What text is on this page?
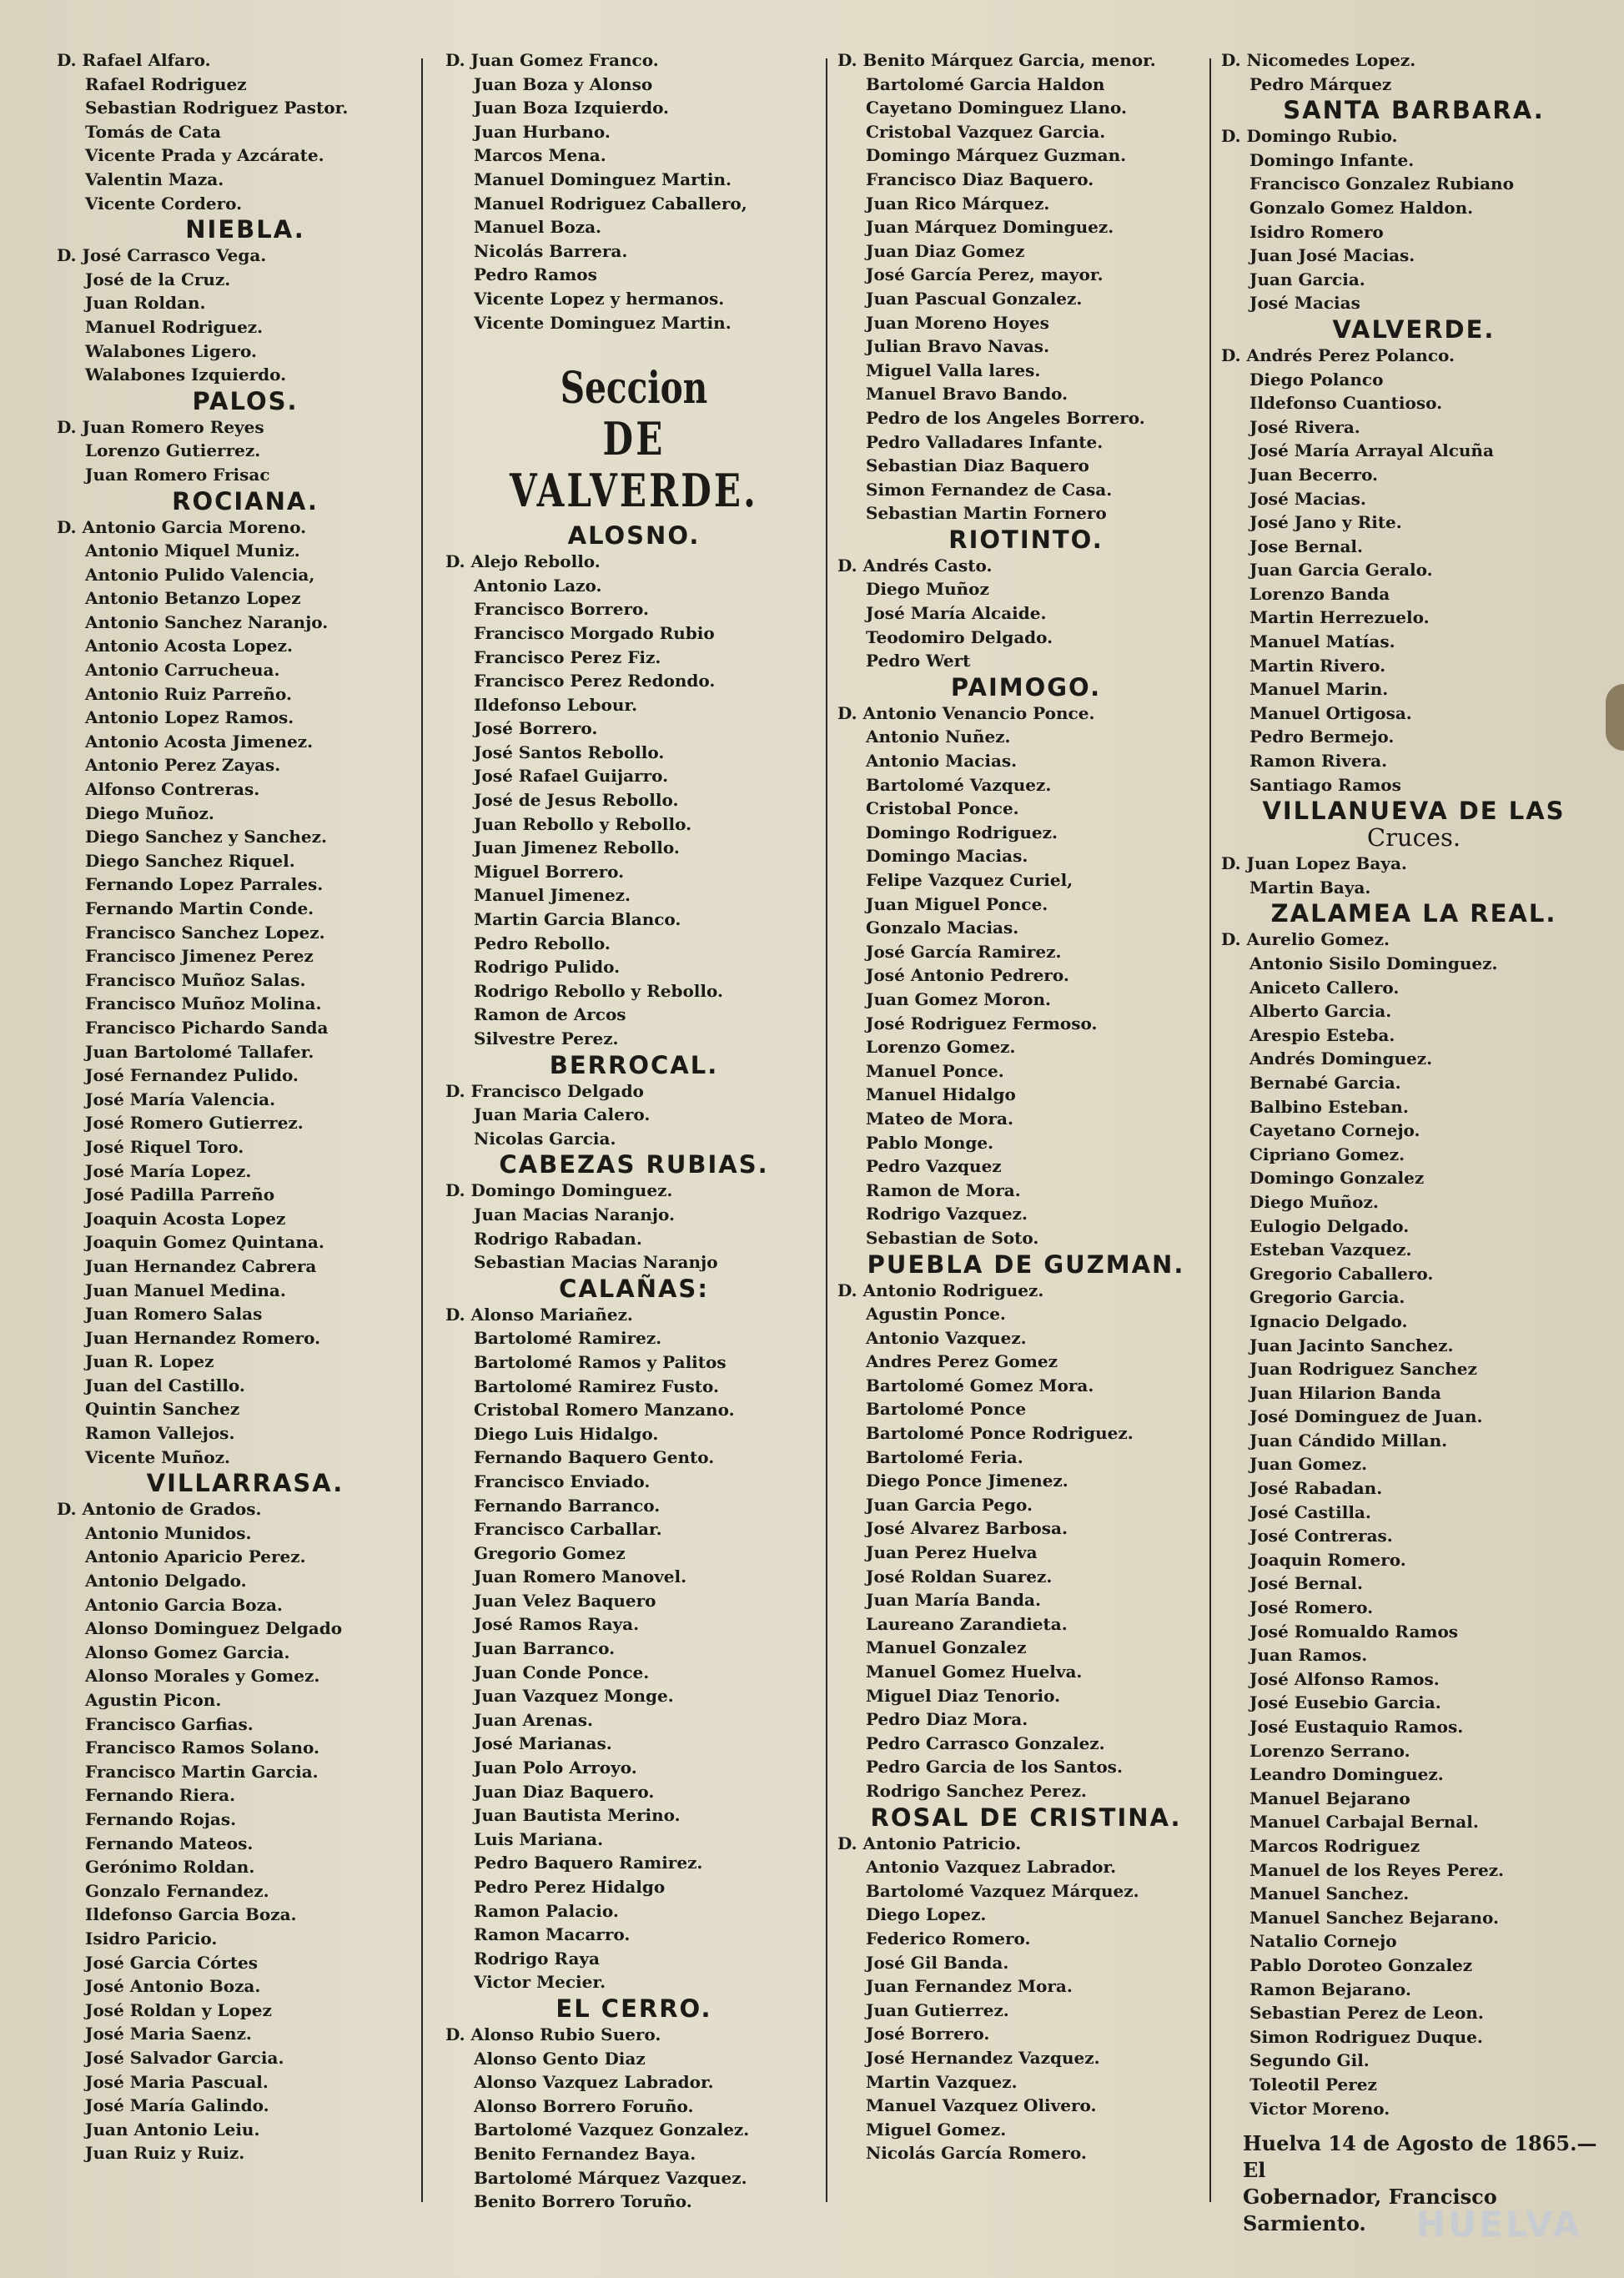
D. Rafael Alfaro.
Rafael Rodriguez
Sebastian Rodriguez Pastor.
Tomás de Cata
Vicente Prada y Azcárate.
Valentin Maza.
Vicente Cordero.
NIEBLA.
D. José Carrasco Vega.
José de la Cruz.
Juan Roldan.
Manuel Rodriguez.
Walabones Ligero.
Walabones Izquierdo.
PALOS.
D. Juan Romero Reyes
Lorenzo Gutierrez.
Juan Romero Frisac
ROCIANA.
D. Antonio Garcia Moreno.
Antonio Miquel Muniz.
Antonio Pulido Valencia,
Antonio Betanzo Lopez
Antonio Sanchez Naranjo.
Antonio Acosta Lopez.
Antonio Carrucheua.
Antonio Ruiz Parreño.
Antonio Lopez Ramos.
Antonio Acosta Jimenez.
Antonio Perez Zayas.
Alfonso Contreras.
Diego Muñoz.
Diego Sanchez y Sanchez.
Diego Sanchez Riquel.
Fernando Lopez Parrales.
Fernando Martin Conde.
Francisco Sanchez Lopez.
Francisco Jimenez Perez
Francisco Muñoz Salas.
Francisco Muñoz Molina.
Francisco Pichardo Sanda
Juan Bartolomé Tallafer.
José Fernandez Pulido.
José María Valencia.
José Romero Gutierrez.
José Riquel Toro.
José María Lopez.
José Padilla Parreño
Joaquin Acosta Lopez
Joaquin Gomez Quintana.
Juan Hernandez Cabrera
Juan Manuel Medina.
Juan Romero Salas
Juan Hernandez Romero.
Juan R. Lopez
Juan del Castillo.
Quintin Sanchez
Ramon Vallejos.
Vicente Muñoz.
VILLARRASA.
D. Antonio de Grados.
Antonio Munidos.
Antonio Aparicio Perez.
Antonio Delgado.
Antonio Garcia Boza.
Alonso Dominguez Delgado
Alonso Gomez Garcia.
Alonso Morales y Gomez.
Agustin Picon.
Francisco Garfias.
Francisco Ramos Solano.
Francisco Martin Garcia.
Fernando Riera.
Fernando Rojas.
Fernando Mateos.
Gerónimo Roldan.
Gonzalo Fernandez.
Ildefonso Garcia Boza.
Isidro Paricio.
José Garcia Córtes
José Antonio Boza.
José Roldan y Lopez
José Maria Saenz.
José Salvador Garcia.
José Maria Pascual.
José María Galindo.
Juan Antonio Leiu.
Juan Ruiz y Ruiz.
D. Juan Gomez Franco.
Juan Boza y Alonso
Juan Boza Izquierdo.
Juan Hurbano.
Marcos Mena.
Manuel Dominguez Martin.
Manuel Rodriguez Caballero,
Manuel Boza.
Nicolás Barrera.
Pedro Ramos
Vicente Lopez y hermanos.
Vicente Dominguez Martin.
Seccion
DE VALVERDE.
ALOSNO.
D. Alejo Rebollo.
Antonio Lazo.
Francisco Borrero.
Francisco Morgado Rubio
Francisco Perez Fiz.
Francisco Perez Redondo.
Ildefonso Lebour.
José Borrero.
José Santos Rebollo.
José Rafael Guijarro.
José de Jesus Rebollo.
Juan Rebollo y Rebollo.
Juan Jimenez Rebollo.
Miguel Borrero.
Manuel Jimenez.
Martin Garcia Blanco.
Pedro Rebollo.
Rodrigo Pulido.
Rodrigo Rebollo y Rebollo.
Ramon de Arcos
Silvestre Perez.
BERROCAL.
D. Francisco Delgado
Juan Maria Calero.
Nicolas Garcia.
CABEZAS RUBIAS.
D. Domingo Dominguez.
Juan Macias Naranjo.
Rodrigo Rabadan.
Sebastian Macias Naranjo
CALAÑAS:
D. Alonso Mariañez.
Bartolomé Ramirez.
Bartolomé Ramos y Palitos
Bartolomé Ramirez Fusto.
Cristobal Romero Manzano.
Diego Luis Hidalgo.
Fernando Baquero Gento.
Francisco Enviado.
Fernando Barranco.
Francisco Carballar.
Gregorio Gomez
Juan Romero Manovel.
Juan Velez Baquero
José Ramos Raya.
Juan Barranco.
Juan Conde Ponce.
Juan Vazquez Monge.
Juan Arenas.
José Marianas.
Juan Polo Arroyo.
Juan Diaz Baquero.
Juan Bautista Merino.
Luis Mariana.
Pedro Baquero Ramirez.
Pedro Perez Hidalgo
Ramon Palacio.
Ramon Macarro.
Rodrigo Raya
Victor Mecier.
EL CERRO.
D. Alonso Rubio Suero.
Alonso Gento Diaz
Alonso Vazquez Labrador.
Alonso Borrero Foruño.
Bartolomé Vazquez Gonzalez.
Benito Fernandez Baya.
Bartolomé Márquez Vazquez.
Benito Borrero Toruño.
D. Benito Márquez Garcia, menor.
Bartolomé Garcia Haldon
Cayetano Dominguez Llano.
Cristobal Vazquez Garcia.
Domingo Márquez Guzman.
Francisco Diaz Baquero.
Juan Rico Márquez.
Juan Márquez Dominguez.
Juan Diaz Gomez
José García Perez, mayor.
Juan Pascual Gonzalez.
Juan Moreno Hoyes
Julian Bravo Navas.
Miguel Valla lares.
Manuel Bravo Bando.
Pedro de los Angeles Borrero.
Pedro Valladares Infante.
Sebastian Diaz Baquero
Simon Fernandez de Casa.
Sebastian Martin Fornero
RIOTINTO.
D. Andrés Casto.
Diego Muñoz
José María Alcaide.
Teodomiro Delgado.
Pedro Wert
PAIMOGO.
D. Antonio Venancio Ponce.
Antonio Nuñez.
Antonio Macias.
Bartolomé Vazquez.
Cristobal Ponce.
Domingo Rodriguez.
Domingo Macias.
Felipe Vazquez Curiel,
Juan Miguel Ponce.
Gonzalo Macias.
José García Ramirez.
José Antonio Pedrero.
Juan Gomez Moron.
José Rodriguez Fermoso.
Lorenzo Gomez.
Manuel Ponce.
Manuel Hidalgo
Mateo de Mora.
Pablo Monge.
Pedro Vazquez
Ramon de Mora.
Rodrigo Vazquez.
Sebastian de Soto.
PUEBLA DE GUZMAN.
D. Antonio Rodriguez.
Agustin Ponce.
Antonio Vazquez.
Andres Perez Gomez
Bartolomé Gomez Mora.
Bartolomé Ponce
Bartolomé Ponce Rodriguez.
Bartolomé Feria.
Diego Ponce Jimenez.
Juan Garcia Pego.
José Alvarez Barbosa.
Juan Perez Huelva
José Roldan Suarez.
Juan María Banda.
Laureano Zarandieta.
Manuel Gonzalez
Manuel Gomez Huelva.
Miguel Diaz Tenorio.
Pedro Diaz Mora.
Pedro Carrasco Gonzalez.
Pedro Garcia de los Santos.
Rodrigo Sanchez Perez.
ROSAL DE CRISTINA.
D. Antonio Patricio.
Antonio Vazquez Labrador.
Bartolomé Vazquez Márquez.
Diego Lopez.
Federico Romero.
José Gil Banda.
Juan Fernandez Mora.
Juan Gutierrez.
José Borrero.
José Hernandez Vazquez.
Martin Vazquez.
Manuel Vazquez Olivero.
Miguel Gomez.
Nicolás García Romero.
D. Nicomedes Lopez.
Pedro Márquez
SANTA BARBARA.
D. Domingo Rubio.
Domingo Infante.
Francisco Gonzalez Rubiano
Gonzalo Gomez Haldon.
Isidro Romero
Juan José Macias.
Juan Garcia.
José Macias
VALVERDE.
D. Andrés Perez Polanco.
Diego Polanco
Ildefonso Cuantioso.
José Rivera.
José María Arrayal Alcuña
Juan Becerro.
José Macias.
José Jano y Rite.
Jose Bernal.
Juan Garcia Geralo.
Lorenzo Banda
Martin Herrezuelo.
Manuel Matías.
Martin Rivero.
Manuel Marin.
Manuel Ortigosa.
Pedro Bermejo.
Ramon Rivera.
Santiago Ramos
VILLANUEVA DE LAS
Cruces.
D. Juan Lopez Baya.
Martin Baya.
ZALAMEA LA REAL.
D. Aurelio Gomez.
Antonio Sisilo Dominguez.
Aniceto Callero.
Alberto Garcia.
Arespio Esteba.
Andrés Dominguez.
Bernabé Garcia.
Balbino Esteban.
Cayetano Cornejo.
Cipriano Gomez.
Domingo Gonzalez
Diego Muñoz.
Eulogio Delgado.
Esteban Vazquez.
Gregorio Caballero.
Gregorio Garcia.
Ignacio Delgado.
Juan Jacinto Sanchez.
Juan Rodriguez Sanchez
Juan Hilarion Banda
José Dominguez de Juan.
Juan Cándido Millan.
Juan Gomez.
José Rabadan.
José Castilla.
José Contreras.
Joaquin Romero.
José Bernal.
José Romero.
José Romualdo Ramos
Juan Ramos.
José Alfonso Ramos.
José Eusebio Garcia.
José Eustaquio Ramos.
Lorenzo Serrano.
Leandro Dominguez.
Manuel Bejarano
Manuel Carbajal Bernal.
Marcos Rodriguez
Manuel de los Reyes Perez.
Manuel Sanchez.
Manuel Sanchez Bejarano.
Natalio Cornejo
Pablo Doroteo Gonzalez
Ramon Bejarano.
Sebastian Perez de Leon.
Simon Rodriguez Duque.
Segundo Gil.
Toleotil Perez
Victor Moreno.
Huelva 14 de Agosto de 1865.—El
Gobernador, Francisco Sarmiento.	HUELVA
